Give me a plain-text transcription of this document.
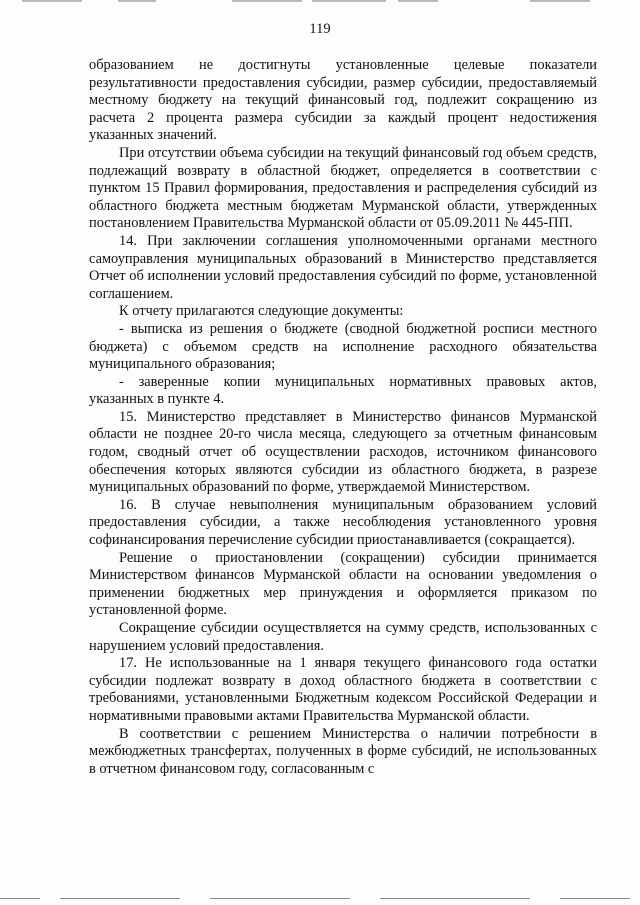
119

образованием не достигнуты установленные целевые показатели результативности предоставления субсидии, размер субсидии, предоставляемый местному бюджету на текущий финансовый год, подлежит сокращению из расчета 2 процента размера субсидии за каждый процент недостижения указанных значений.

При отсутствии объема субсидии на текущий финансовый год объем средств, подлежащий возврату в областной бюджет, определяется в соответствии с пунктом 15 Правил формирования, предоставления и распределения субсидий из областного бюджета местным бюджетам Мурманской области, утвержденных постановлением Правительства Мурманской области от 05.09.2011 № 445-ПП.

14. При заключении соглашения уполномоченными органами местного самоуправления муниципальных образований в Министерство представляется Отчет об исполнении условий предоставления субсидий по форме, установленной соглашением.

К отчету прилагаются следующие документы:

- выписка из решения о бюджете (сводной бюджетной росписи местного бюджета) с объемом средств на исполнение расходного обязательства муниципального образования;

- заверенные копии муниципальных нормативных правовых актов, указанных в пункте 4.

15. Министерство представляет в Министерство финансов Мурманской области не позднее 20-го числа месяца, следующего за отчетным финансовым годом, сводный отчет об осуществлении расходов, источником финансового обеспечения которых являются субсидии из областного бюджета, в разрезе муниципальных образований по форме, утверждаемой Министерством.

16. В случае невыполнения муниципальным образованием условий предоставления субсидии, а также несоблюдения установленного уровня софинансирования перечисление субсидии приостанавливается (сокращается).

Решение о приостановлении (сокращении) субсидии принимается Министерством финансов Мурманской области на основании уведомления о применении бюджетных мер принуждения и оформляется приказом по установленной форме.

Сокращение субсидии осуществляется на сумму средств, использованных с нарушением условий предоставления.

17. Не использованные на 1 января текущего финансового года остатки субсидии подлежат возврату в доход областного бюджета в соответствии с требованиями, установленными Бюджетным кодексом Российской Федерации и нормативными правовыми актами Правительства Мурманской области.

В соответствии с решением Министерства о наличии потребности в межбюджетных трансфертах, полученных в форме субсидий, не использованных в отчетном финансовом году, согласованным с
